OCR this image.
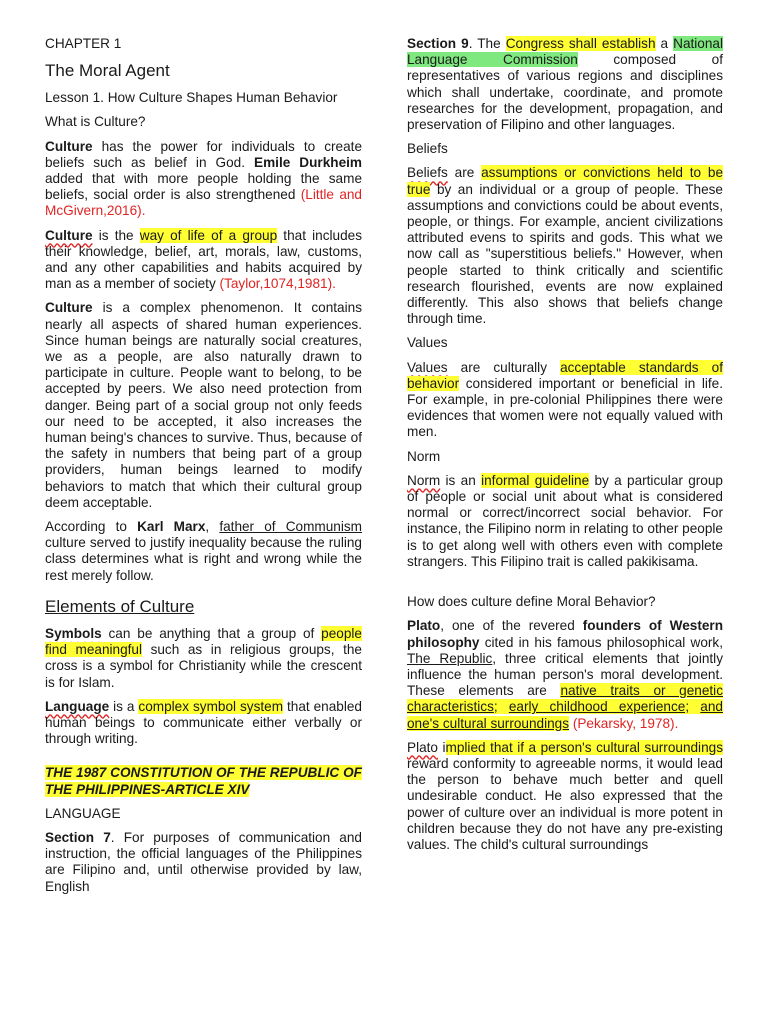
CHAPTER 1
The Moral Agent
Lesson 1. How Culture Shapes Human Behavior
What is Culture?

Culture has the power for individuals to create beliefs such as belief in God. Emile Durkheim added that with more people holding the same beliefs, social order is also strengthened (Little and McGivern,2016).

Culture is the way of life of a group that includes their knowledge, belief, art, morals, law, customs, and any other capabilities and habits acquired by man as a member of society (Taylor,1074,1981).

Culture is a complex phenomenon. It contains nearly all aspects of shared human experiences. Since human beings are naturally social creatures, we as a people, are also naturally drawn to participate in culture. People want to belong, to be accepted by peers. We also need protection from danger. Being part of a social group not only feeds our need to be accepted, it also increases the human being's chances to survive. Thus, because of the safety in numbers that being part of a group providers, human beings learned to modify behaviors to match that which their cultural group deem acceptable.

According to Karl Marx, father of Communism culture served to justify inequality because the ruling class determines what is right and wrong while the rest merely follow.

Elements of Culture

Symbols can be anything that a group of people find meaningful such as in religious groups, the cross is a symbol for Christianity while the crescent is for Islam.

Language is a complex symbol system that enabled human beings to communicate either verbally or through writing.

THE 1987 CONSTITUTION OF THE REPUBLIC OF THE PHILIPPINES-ARTICLE XIV
LANGUAGE

Section 7. For purposes of communication and instruction, the official languages of the Philippines are Filipino and, until otherwise provided by law, English

Section 9. The Congress shall establish a National Language Commission composed of representatives of various regions and disciplines which shall undertake, coordinate, and promote researches for the development, propagation, and preservation of Filipino and other languages.

Beliefs

Beliefs are assumptions or convictions held to be true by an individual or a group of people. These assumptions and convictions could be about events, people, or things. For example, ancient civilizations attributed evens to spirits and gods. This what we now call as "superstitious beliefs." However, when people started to think critically and scientific research flourished, events are now explained differently. This also shows that beliefs change through time.

Values

Values are culturally acceptable standards of behavior considered important or beneficial in life. For example, in pre-colonial Philippines there were evidences that women were not equally valued with men.

Norm

Norm is an informal guideline by a particular group of people or social unit about what is considered normal or correct/incorrect social behavior. For instance, the Filipino norm in relating to other people is to get along well with others even with complete strangers. This Filipino trait is called pakikisama.

How does culture define Moral Behavior?

Plato, one of the revered founders of Western philosophy cited in his famous philosophical work, The Republic, three critical elements that jointly influence the human person's moral development. These elements are native traits or genetic characteristics; early childhood experience; and one's cultural surroundings (Pekarsky, 1978).

Plato implied that if a person's cultural surroundings reward conformity to agreeable norms, it would lead the person to behave much better and quell undesirable conduct. He also expressed that the power of culture over an individual is more potent in children because they do not have any pre-existing values. The child's cultural surroundings
